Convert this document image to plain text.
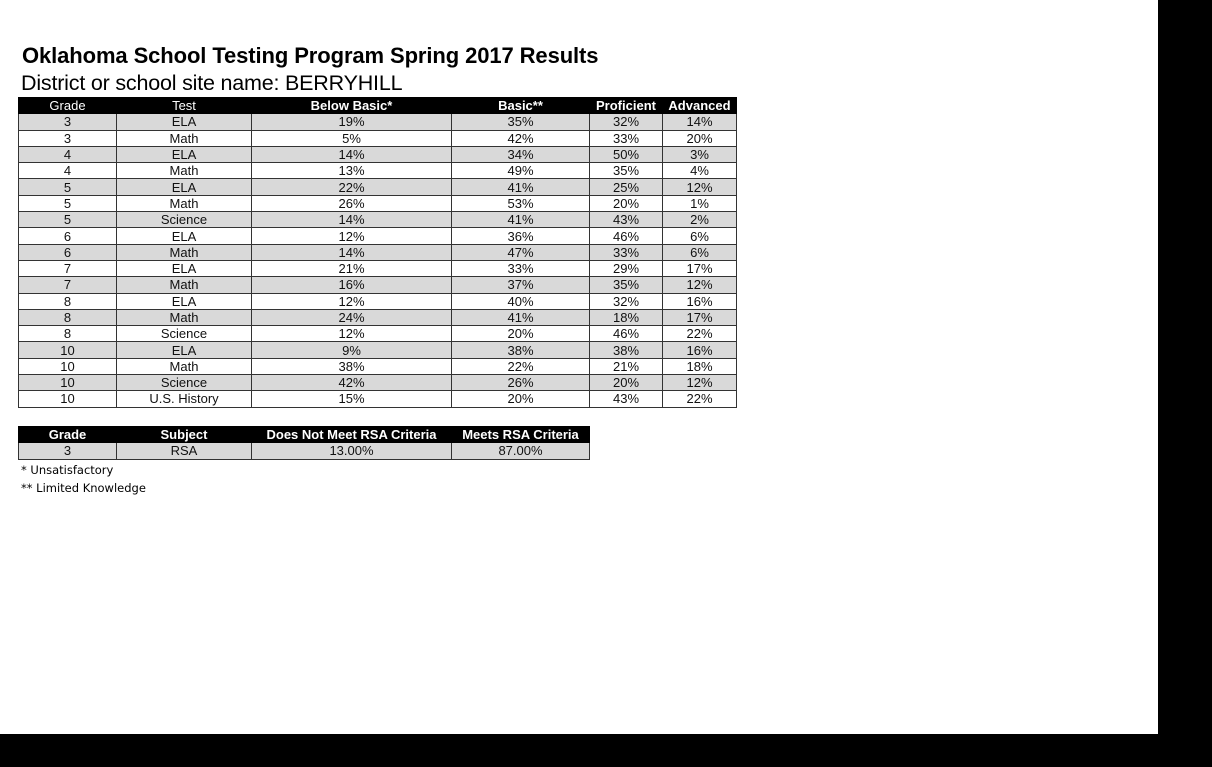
Oklahoma School Testing Program Spring 2017 Results
District or school site name: BERRYHILL
Grade	Test	Below Basic*	Basic**	Proficient	Advanced
3	ELA	19%	35%	32%	14%
3	Math	5%	42%	33%	20%
4	ELA	14%	34%	50%	3%
4	Math	13%	49%	35%	4%
5	ELA	22%	41%	25%	12%
5	Math	26%	53%	20%	1%
5	Science	14%	41%	43%	2%
6	ELA	12%	36%	46%	6%
6	Math	14%	47%	33%	6%
7	ELA	21%	33%	29%	17%
7	Math	16%	37%	35%	12%
8	ELA	12%	40%	32%	16%
8	Math	24%	41%	18%	17%
8	Science	12%	20%	46%	22%
10	ELA	9%	38%	38%	16%
10	Math	38%	22%	21%	18%
10	Science	42%	26%	20%	12%
10	U.S. History	15%	20%	43%	22%
Grade	Subject	Does Not Meet RSA Criteria	Meets RSA Criteria
3	RSA	13.00%	87.00%
* Unsatisfactory
** Limited Knowledge
